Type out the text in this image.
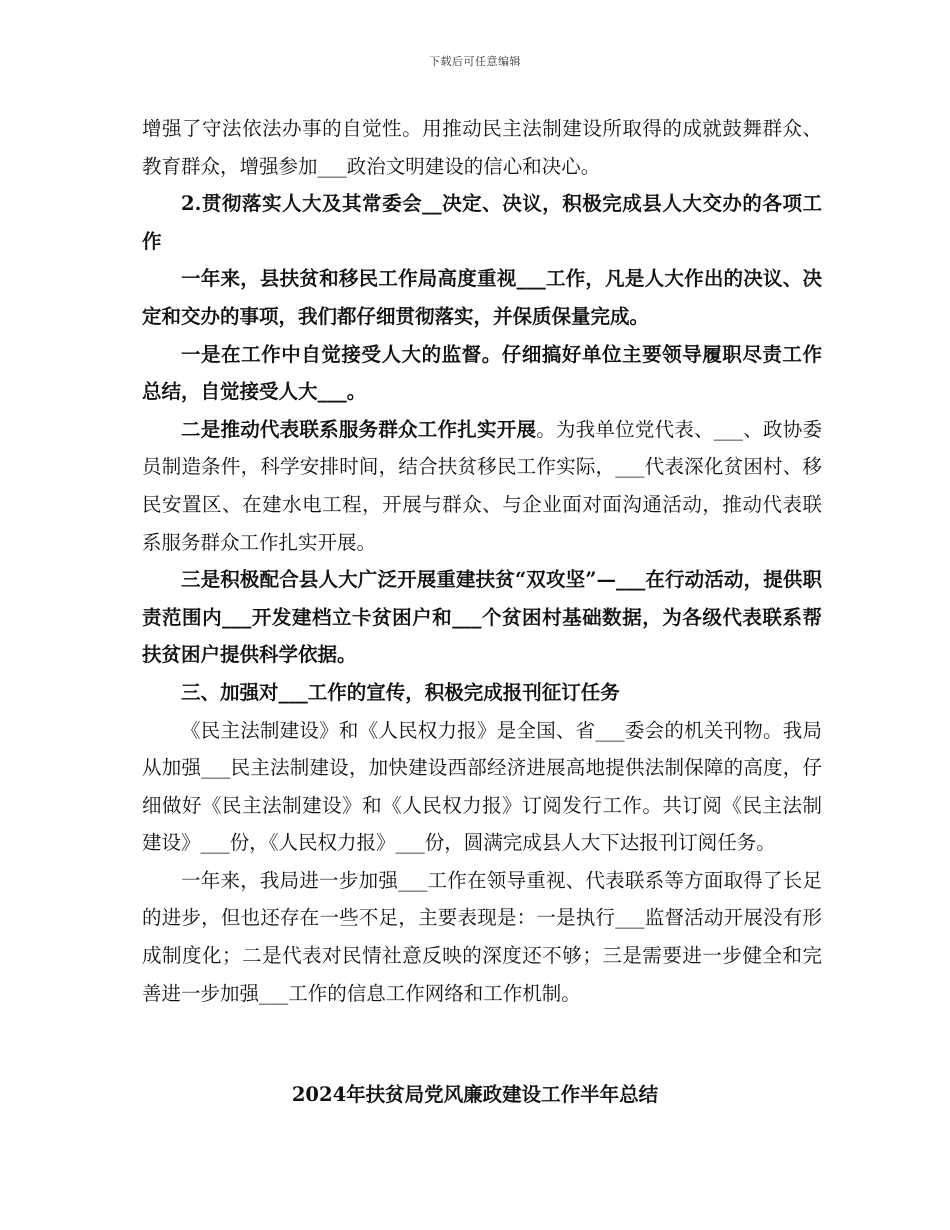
下载后可任意编辑

增强了守法依法办事的自觉性。用推动民主法制建设所取得的成就鼓舞群众、教育群众，增强参加___政治文明建设的信心和决心。

2.贯彻落实人大及其常委会__决定、决议，积极完成县人大交办的各项工作

一年来，县扶贫和移民工作局高度重视___工作，凡是人大作出的决议、决定和交办的事项，我们都仔细贯彻落实，并保质保量完成。

一是在工作中自觉接受人大的监督。仔细搞好单位主要领导履职尽责工作总结，自觉接受人大___。

二是推动代表联系服务群众工作扎实开展。为我单位党代表、___、政协委员制造条件，科学安排时间，结合扶贫移民工作实际，___代表深化贫困村、移民安置区、在建水电工程，开展与群众、与企业面对面沟通活动，推动代表联系服务群众工作扎实开展。

三是积极配合县人大广泛开展重建扶贫“双攻坚”—___在行动活动，提供职责范围内___开发建档立卡贫困户和___个贫困村基础数据，为各级代表联系帮扶贫困户提供科学依据。

三、加强对___工作的宣传，积极完成报刊征订任务

《民主法制建设》和《人民权力报》是全国、省___委会的机关刊物。我局从加强___民主法制建设，加快建设西部经济进展高地提供法制保障的高度，仔细做好《民主法制建设》和《人民权力报》订阅发行工作。共订阅《民主法制建设》___份，《人民权力报》___份，圆满完成县人大下达报刊订阅任务。

一年来，我局进一步加强___工作在领导重视、代表联系等方面取得了长足的进步，但也还存在一些不足，主要表现是：一是执行___监督活动开展没有形成制度化；二是代表对民情社意反映的深度还不够；三是需要进一步健全和完善进一步加强___工作的信息工作网络和工作机制。

2024年扶贫局党风廉政建设工作半年总结
